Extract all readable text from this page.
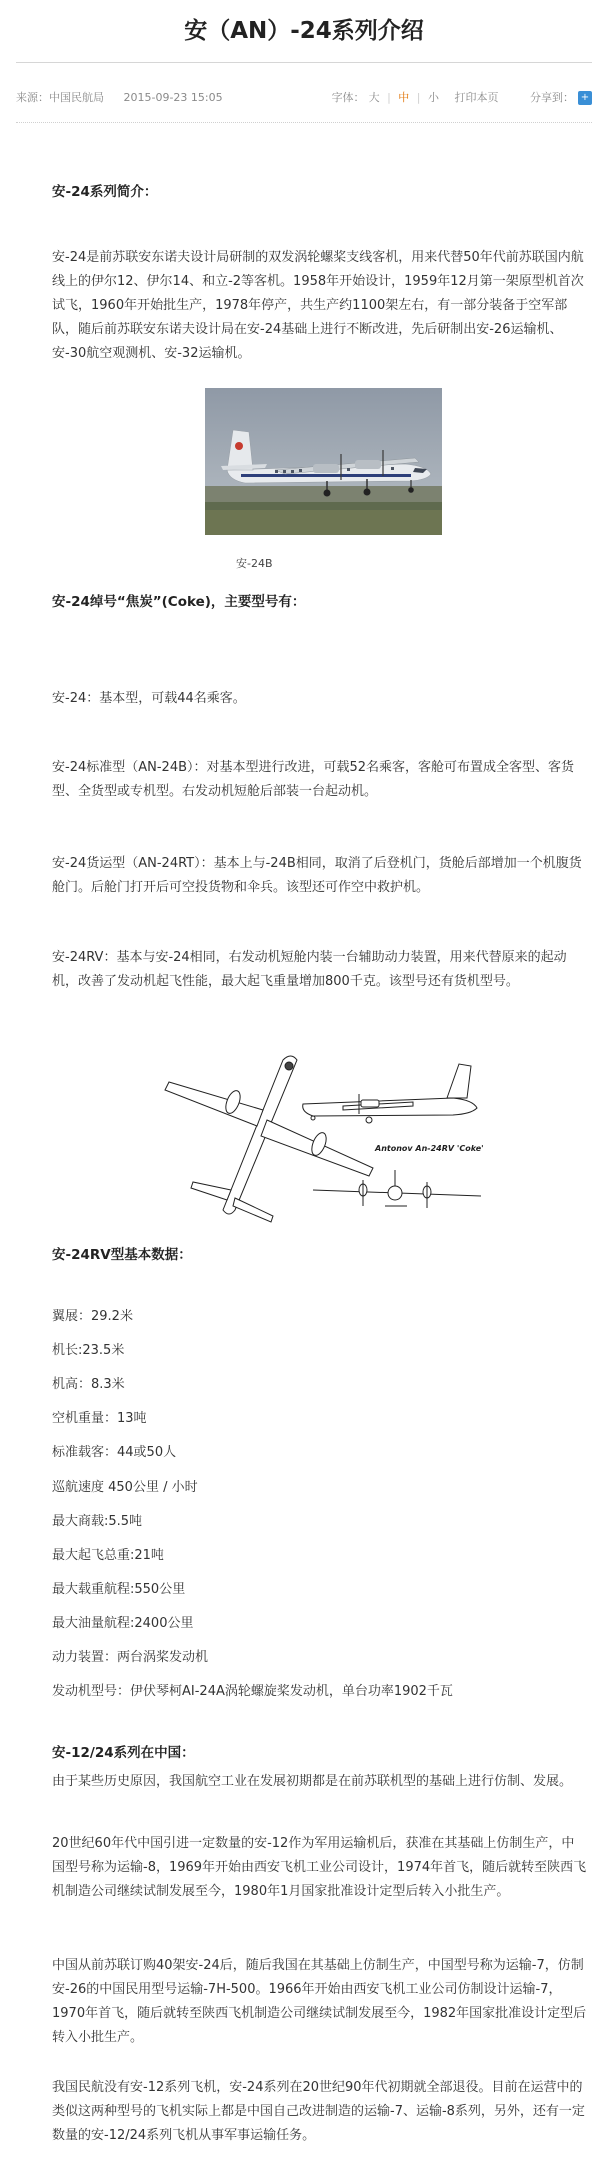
安（AN）-24系列介绍
来源：中国民航局 2015-09-23 15:05	字体： 大 | 中 | 小 打印本页	分享到： +
安-24系列简介：
安-24是前苏联安东诺夫设计局研制的双发涡轮螺桨支线客机，用来代替50年代前苏联国内航线上的伊尔12、伊尔14、和立-2等客机。1958年开始设计，1959年12月第一架原型机首次试飞，1960年开始批生产，1978年停产，共生产约1100架左右，有一部分装备于空军部队，随后前苏联安东诺夫设计局在安-24基础上进行不断改进，先后研制出安-26运输机、安-30航空观测机、安-32运输机。
安-24B
安-24绰号“焦炭”(Coke)，主要型号有：
安-24：基本型，可载44名乘客。
安-24标准型（AN-24B）：对基本型进行改进，可载52名乘客，客舱可布置成全客型、客货型、全货型或专机型。右发动机短舱后部装一台起动机。
安-24货运型（AN-24RT）：基本上与-24B相同，取消了后登机门，货舱后部增加一个机腹货舱门。后舱门打开后可空投货物和伞兵。该型还可作空中救护机。
安-24RV：基本与安-24相同，右发动机短舱内装一台辅助动力装置，用来代替原来的起动机，改善了发动机起飞性能，最大起飞重量增加800千克。该型号还有货机型号。
Antonov An-24RV 'Coke'
安-24RV型基本数据：
翼展：29.2米
机长:23.5米
机高：8.3米
空机重量：13吨
标准载客：44或50人
巡航速度 450公里 / 小时
最大商载:5.5吨
最大起飞总重:21吨
最大载重航程:550公里
最大油量航程:2400公里
动力装置：两台涡桨发动机
发动机型号：伊伏琴柯AI-24A涡轮螺旋桨发动机，单台功率1902千瓦
安-12/24系列在中国：
由于某些历史原因，我国航空工业在发展初期都是在前苏联机型的基础上进行仿制、发展。
20世纪60年代中国引进一定数量的安-12作为军用运输机后，获准在其基础上仿制生产，中国型号称为运输-8，1969年开始由西安飞机工业公司设计，1974年首飞，随后就转至陕西飞机制造公司继续试制发展至今，1980年1月国家批准设计定型后转入小批生产。
中国从前苏联订购40架安-24后，随后我国在其基础上仿制生产，中国型号称为运输-7，仿制安-26的中国民用型号运输-7H-500。1966年开始由西安飞机工业公司仿制设计运输-7，1970年首飞，随后就转至陕西飞机制造公司继续试制发展至今，1982年国家批准设计定型后转入小批生产。
我国民航没有安-12系列飞机，安-24系列在20世纪90年代初期就全部退役。目前在运营中的类似这两种型号的飞机实际上都是中国自己改进制造的运输-7、运输-8系列，另外，还有一定数量的安-12/24系列飞机从事军事运输任务。
